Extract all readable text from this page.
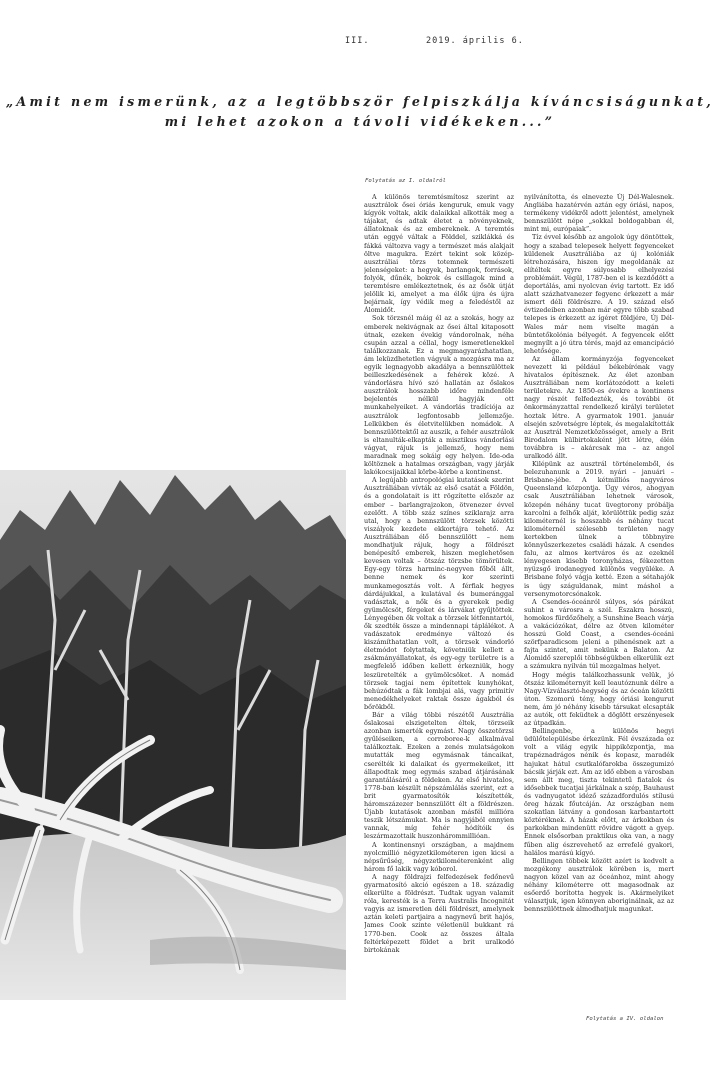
III.	2019. április 6.
„Amit nem ismerünk, az a legtöbbször felpiszkálja kíváncsiságunkat,
mi lehet azokon a távoli vidékeken...”
Folytatás az I. oldalról

A különös teremtésmítosz szerint az ausztrálok ősei óriás kenguruk, emuk vagy kígyók voltak, akik dalaikkal alkották meg a tájakat, és adtak életet a növényeknek, állatoknak és az embereknek. A teremtés után eggyé váltak a Földdel, sziklákká és fákká változva vagy a természet más alakjait öltve magukra. Ezért tekint sok közép-ausztráliai törzs totemnek természeti jelenségeket: a hegyek, barlangok, források, folyók, dűnék, bokrok és csillagok mind a teremtésre emlékeztetnek, és az ősök útját jelölik ki, amelyet a ma élők újra és újra bejárnak, így védik meg a feledéstől az Álomidőt.

Sok törzsnél máig él az a szokás, hogy az emberek nekivágnak az ősei által kitaposott útnak, ezeken évekig vándorolnak, néha csupán azzal a céllal, hogy ismeretlenekkel találkozzanak. Ez a megmagyarázhatatlan, ám leküzdhetetlen vágyuk a mozgásra ma az egyik legnagyobb akadálya a bennszülöttek beilleszkedésének a fehérek közé. A vándorlásra hívó szó hallatán az őslakos ausztrálok hosszabb időre mindenféle bejelentés nélkül hagyják ott munkahelyeiket. A vándorlás tradíciója az ausztrálok legfontosabb jellemzője. Lelkükben és életvitelükben nomádok. A bennszülöttektől az auszik, a fehér ausztrálok is eltanulták-elkapták a misztikus vándorlási vágyat, rájuk is jellemző, hogy nem maradnak meg sokáig egy helyen. Ide-oda költöznek a hatalmas országban, vagy járják lakókocsijaikkal körbe-körbe a kontinenst.

A legújabb antropológiai kutatások szerint Ausztráliában vívták az első csatát a Földön, és a gondolatait is itt rögzítette először az ember – barlangrajzokon, ötvenezer évvel ezelőtt. A több száz színes sziklarajz arra utal, hogy a bennszülött törzsek közötti viszályok kezdete ekkortájra tehető. Az Ausztráliában élő bennszülött – nem mondhatjuk rájuk, hogy a földrészt benépesítő emberek, hiszen meglehetősen kevesen voltak – ötszáz törzsbe tömörültek. Egy-egy törzs harminc-negyven főből állt, benne nemek és kor szerinti munkamegosztás volt. A férfiak hegyes dárdájukkal, a kulatával és bumeránggal vadásztak, a nők és a gyerekek pedig gyümölcsöt, férgeket és lárvákat gyűjtöttek. Lényegében ők voltak a törzsek létfenntartói, ők szedték össze a mindennapi táplálékot. A vadászatok eredménye változó és kiszámíthatatlan volt, a törzsek vándorló életmódot folytattak, követniük kellett a zsákmányállatokat, és egy-egy területre is a megfelelő időben kellett érkezniük, hogy leszüretelték a gyümölcsöket. A nomád törzsek tagjai nem építettek kunyhókat, behúzódtak a fák lombjai alá, vagy primitív menedékhelyeket raktak össze ágakból és bőrökből.

Bár a világ többi részétől Ausztrália őslakosai elszigetelten éltek, törzseik azonban ismerték egymást. Nagy összetörzsi gyűléseiken, a corroboree-k alkalmával találkoztak. Ezeken a zenés mulatságokon mutatták meg egymásnak táncaikat, cserélték ki dalaikat és gyermekeiket, itt állapodtak meg egymás szabad átjárásának garantálásáról a földeken. Az első hivatalos, 1778-ban készült népszámlálás szerint, ezt a brit gyarmatosítók készítették, háromszázezer bennszülött élt a földrészen. Újabb kutatások azonban másfél millióra teszik létszámukat. Ma is nagyjából ennyien vannak, míg fehér hódítóik és leszármazottaik huszonhárommillióan.

A kontinensnyi országban, a majdnem nyolcmillió négyzetkilométeren igen kicsi a népsűrűség, négyzetkilométerenként alig három fő lakik vagy kóborol.

A nagy földrajzi felfedezések fedőnevű gyarmatosító akció egészen a 18. századig elkerülte a földrészt. Tudtak ugyan valamit róla, keresték is a Terra Australis Incognitát vagyis az ismeretlen déli földrészt, amelynek aztán keleti partjaira a nagynevű brit hajós, James Cook szinte véletlenül bukkant rá 1770-ben. Cook az összes általa feltérképezett földet a brit uralkodó birtokának

nyilvánította, és elnevezte Új Dél-Walesnek. Angliába hazatérvén aztán egy óriási, napos, termékeny vidékről adott jelentést, amelynek bennszülött népe „sokkal boldogabban él, mint mi, európaiak”.

Tíz évvel később az angolok úgy döntöttek, hogy a szabad telepesek helyett fegyenceket küldenek Ausztráliába az új kolóniák létrehozására, hiszen így megoldanák az elítéltek egyre súlyosabb elhelyezési problémáit. Végül, 1787-ben el is kezdődött a deportálás, ami nyolcvan évig tartott. Ez idő alatt százhatvanezer fegyenc érkezett a már ismert déli földrészre. A 19. század első évtizedeiben azonban már egyre több szabad telepes is érkezett az ígéret földjére, Új Dél-Wales már nem viselte magán a büntetőkolónia bélyegét. A fegyencek előtt megnyílt a jó útra térés, majd az emancipáció lehetősége.

Az állam kormányzója fegyenceket nevezett ki például békebírónak vagy hivatalos építésznek. Az élet azonban Ausztráliában nem korlátozódott a keleti területekre. Az 1850-es évekre a kontinens nagy részét felfedezték, és további öt önkormányzattal rendelkező királyi területet hoztak létre. A gyarmatok 1901. január elsején szövetségre léptek, és megalakították az Ausztrál Nemzetközösséget, amely a Brit Birodalom külbirtokaként jött létre, élén továbbra is – akárcsak ma – az angol uralkodó állt.

Kilépünk az ausztrál történelemből, és belezuhanunk a 2019. nyári – januári – Brisbane-jébe. A kétmilliós nagyváros Queensland központja. Úgy véros, ahogyan csak Ausztráliában lehetnek városok, közepén néhány tucat üvegtorony próbálja karcolni a felhők alját, körülöttük pedig száz kilométernél is hosszabb és néhány tucat kilométernél szélesebb területen nagy kertekben ülnek a többnyire könnyűszerkezetes családi házak. A csendes falu, az almos kertváros és az ezeknél lényegesen kisebb toronyházas, fékezetten nyüzsgő irodanegyed különös vegyüléke. A Brisbane folyó vágja ketté. Ezen a sétahajók is úgy száguldanak, mint máshol a versenymotorcsónakok.

A Csendes-óceánról súlyos, sós párákat suhint a városra a szél. Északra hosszú, homokos fürdőzőhely, a Sunshine Beach várja a vakációzókat, délre az ötven kilométer hosszú Gold Coast, a csendes-óceáni szörfparadicsom jeleni a pihenésnek azt a fajta szintet, amit nekünk a Balaton. Az Álomidő szereplői többségükben elkerülik ezt a számukra nyilván túl mozgalmas helyet.

Hogy mégis találkozhassunk velük, jó ötszáz kilométernyit kell leautóznunk délre a Nagy-Vízválasztó-hegység és az óceán közötti úton. Szomorú tény, hogy óriási kengurut nem, ám jó néhány kisebb társukat elcsapták az autók, ott feküdtek a döglött erszényesek az útpadkán.

Bellingenbe, a különös hegyi üdülőtelepülésbe érkezünk. Fél évszázada ez volt a világ egyik hippiközpontja, ma trapéznadrágos nénik és kopasz, maradék hajukat hátul csutkalófarokba összegumizó bácsik járják ezt. Ám az idő ebben a városban sem állt meg, tiszta tekintetű fiatalok és idősebbek tucatjai járkálnak a szép, Bauhaust és vadnyugatot idéző századfordulós stílusú öreg házak főutcáján. Az országban nem szokatlan látvány a gondosan karbantartott köztéréknek. A házak előtt, az árkokban és parkokban mindenütt rövidre vágott a gyep. Ennek elsősorban praktikus oka van, a nagy fűben alig észrevehető az errefelé gyakori, halálos marású kígyó.

Bellingen többek között azért is kedvelt a mozgékony ausztrálok körében is, mert nagyon közel van az óceánhoz, mint ahogy néhány kilométerre ott magasodnak az esőerdő borította hegyek is. Akármelyiket választjuk, igen könnyen aboriginálnak, az az bennszülöttnek álmodhatjuk magunkat.

Folytatás a IV. oldalon
